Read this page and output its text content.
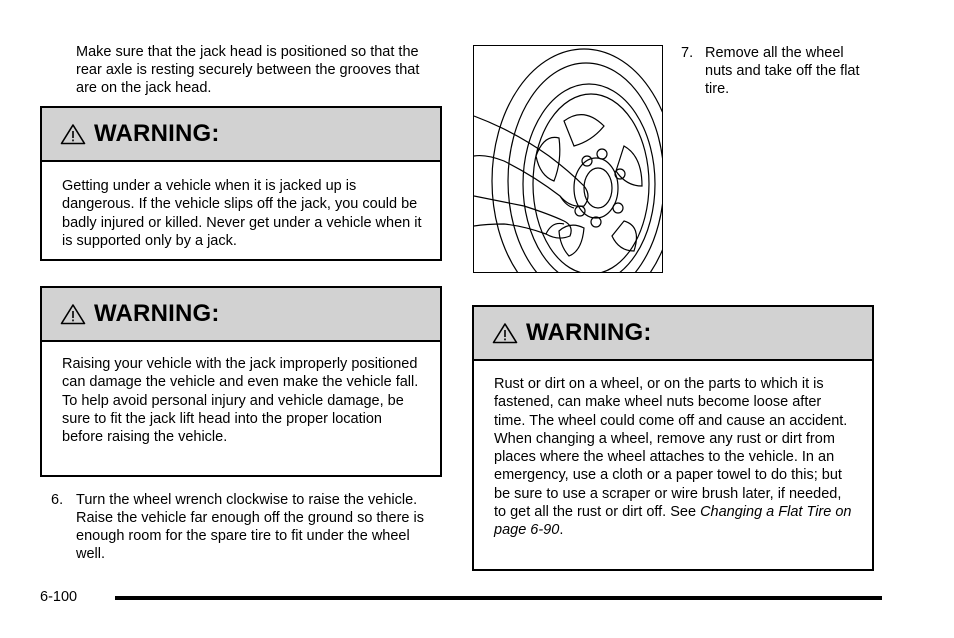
Make sure that the jack head is positioned so that the rear axle is resting securely between the grooves that are on the jack head.

WARNING:
Getting under a vehicle when it is jacked up is dangerous. If the vehicle slips off the jack, you could be badly injured or killed. Never get under a vehicle when it is supported only by a jack.
WARNING:
Raising your vehicle with the jack improperly positioned can damage the vehicle and even make the vehicle fall. To help avoid personal injury and vehicle damage, be sure to fit the jack lift head into the proper location before raising the vehicle.
6. Turn the wheel wrench clockwise to raise the vehicle. Raise the vehicle far enough off the ground so there is enough room for the spare tire to fit under the wheel well.
7. Remove all the wheel nuts and take off the flat tire.
WARNING:
Rust or dirt on a wheel, or on the parts to which it is fastened, can make wheel nuts become loose after time. The wheel could come off and cause an accident. When changing a wheel, remove any rust or dirt from places where the wheel attaches to the vehicle. In an emergency, use a cloth or a paper towel to do this; but be sure to use a scraper or wire brush later, if needed, to get all the rust or dirt off. See Changing a Flat Tire on page 6-90.
6-100
